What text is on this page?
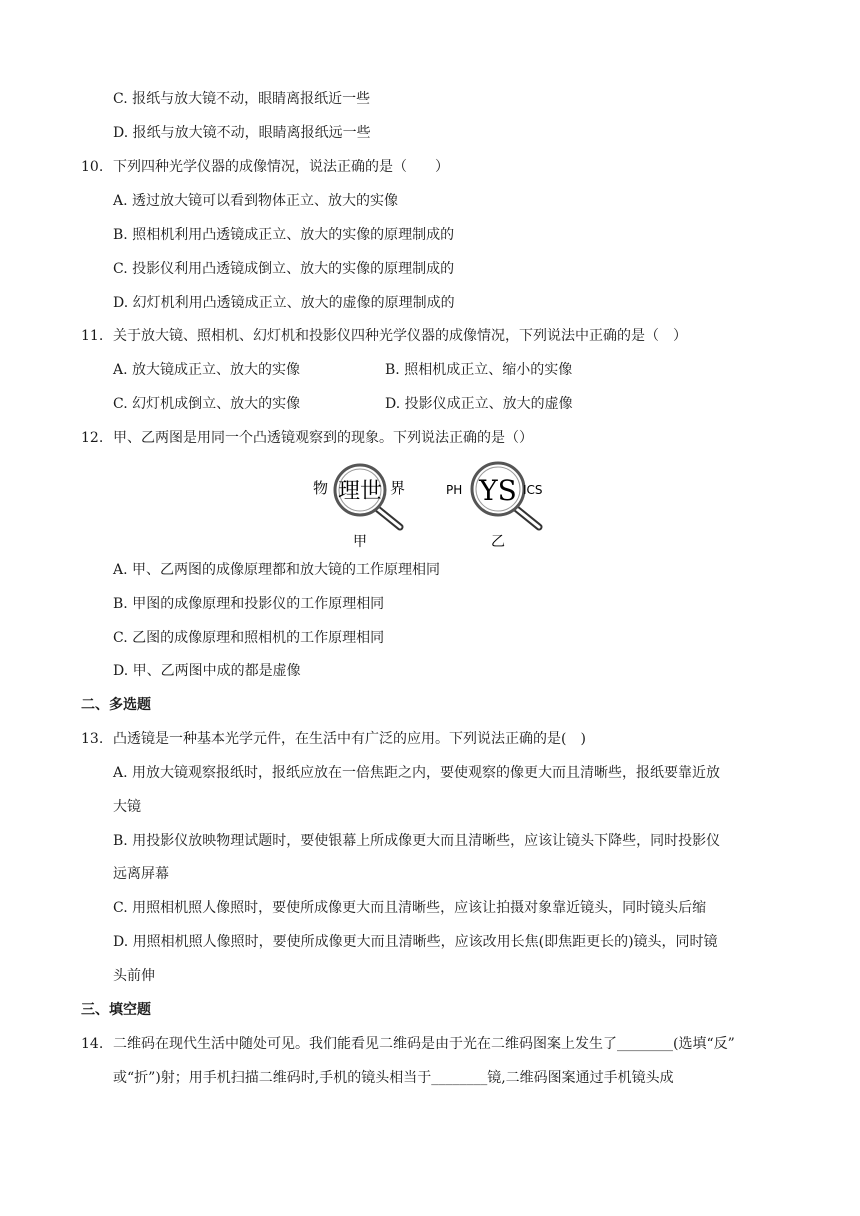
C. 报纸与放大镜不动，眼睛离报纸近一些
D. 报纸与放大镜不动，眼睛离报纸远一些
10. 下列四种光学仪器的成像情况，说法正确的是（　　）
A. 透过放大镜可以看到物体正立、放大的实像
B. 照相机利用凸透镜成正立、放大的实像的原理制成的
C. 投影仪利用凸透镜成倒立、放大的实像的原理制成的
D. 幻灯机利用凸透镜成正立、放大的虚像的原理制成的
11. 关于放大镜、照相机、幻灯机和投影仪四种光学仪器的成像情况，下列说法中正确的是（　）
A. 放大镜成正立、放大的实像	B. 照相机成正立、缩小的实像
C. 幻灯机成倒立、放大的实像	D. 投影仪成正立、放大的虚像
12. 甲、乙两图是用同一个凸透镜观察到的现象。下列说法正确的是（）
物 理世 界
甲
PH YS ICS
乙
A. 甲、乙两图的成像原理都和放大镜的工作原理相同
B. 甲图的成像原理和投影仪的工作原理相同
C. 乙图的成像原理和照相机的工作原理相同
D. 甲、乙两图中成的都是虚像
二、多选题
13. 凸透镜是一种基本光学元件，在生活中有广泛的应用。下列说法正确的是(　)
A. 用放大镜观察报纸时，报纸应放在一倍焦距之内，要使观察的像更大而且清晰些，报纸要靠近放
大镜
B. 用投影仪放映物理试题时，要使银幕上所成像更大而且清晰些，应该让镜头下降些，同时投影仪
远离屏幕
C. 用照相机照人像照时，要使所成像更大而且清晰些，应该让拍摄对象靠近镜头，同时镜头后缩
D. 用照相机照人像照时，要使所成像更大而且清晰些，应该改用长焦(即焦距更长的)镜头，同时镜
头前伸
三、填空题
14. 二维码在现代生活中随处可见。我们能看见二维码是由于光在二维码图案上发生了________(选填“反”
或“折”)射；用手机扫描二维码时,手机的镜头相当于________镜,二维码图案通过手机镜头成
